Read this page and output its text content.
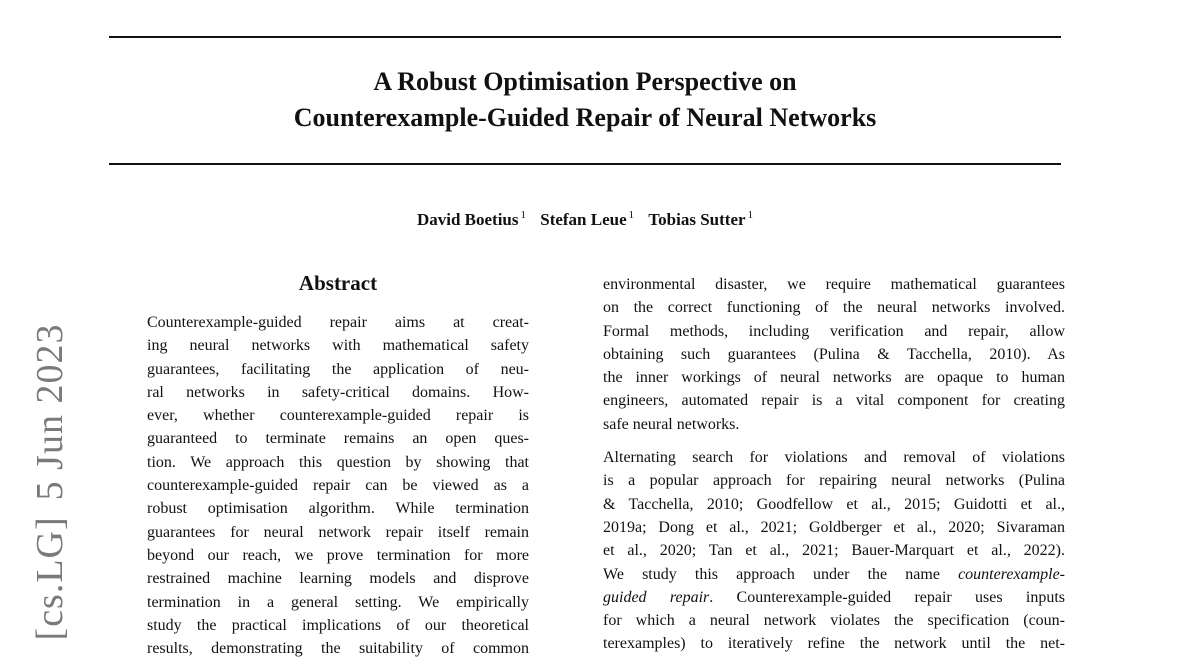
A Robust Optimisation Perspective on
Counterexample-Guided Repair of Neural Networks
David Boetius $^1$ Stefan Leue $^1$ Tobias Sutter $^1$
[cs.LG]5 Jun 2023
Abstract
Counterexample-guided repair aims at creat-
ing neural networks with mathematical safety
guarantees, facilitating the application of neu-
ral networks in safety-critical domains. How-
ever, whether counterexample-guided repair is
guaranteed to terminate remains an open ques-
tion. We approach this question by showing that
counterexample-guided repair can be viewed as a
robust optimisation algorithm. While termination
guarantees for neural network repair itself remain
beyond our reach, we prove termination for more
restrained machine learning models and disprove
termination in a general setting. We empirically
study the practical implications of our theoretical
results, demonstrating the suitability of common
environmental disaster, we require mathematical guarantees
on the correct functioning of the neural networks involved.
Formal methods, including verification and repair, allow
obtaining such guarantees (Pulina & Tacchella, 2010). As
the inner workings of neural networks are opaque to human
engineers, automated repair is a vital component for creating
safe neural networks.
Alternating search for violations and removal of violations
is a popular approach for repairing neural networks (Pulina
& Tacchella, 2010; Goodfellow et al., 2015; Guidotti et al.,
2019a; Dong et al., 2021; Goldberger et al., 2020; Sivaraman
et al., 2020; Tan et al., 2021; Bauer-Marquart et al., 2022).
We study this approach under the name counterexample-
guided repair. Counterexample-guided repair uses inputs
for which a neural network violates the specification (coun-
terexamples) to iteratively refine the network until the net-
